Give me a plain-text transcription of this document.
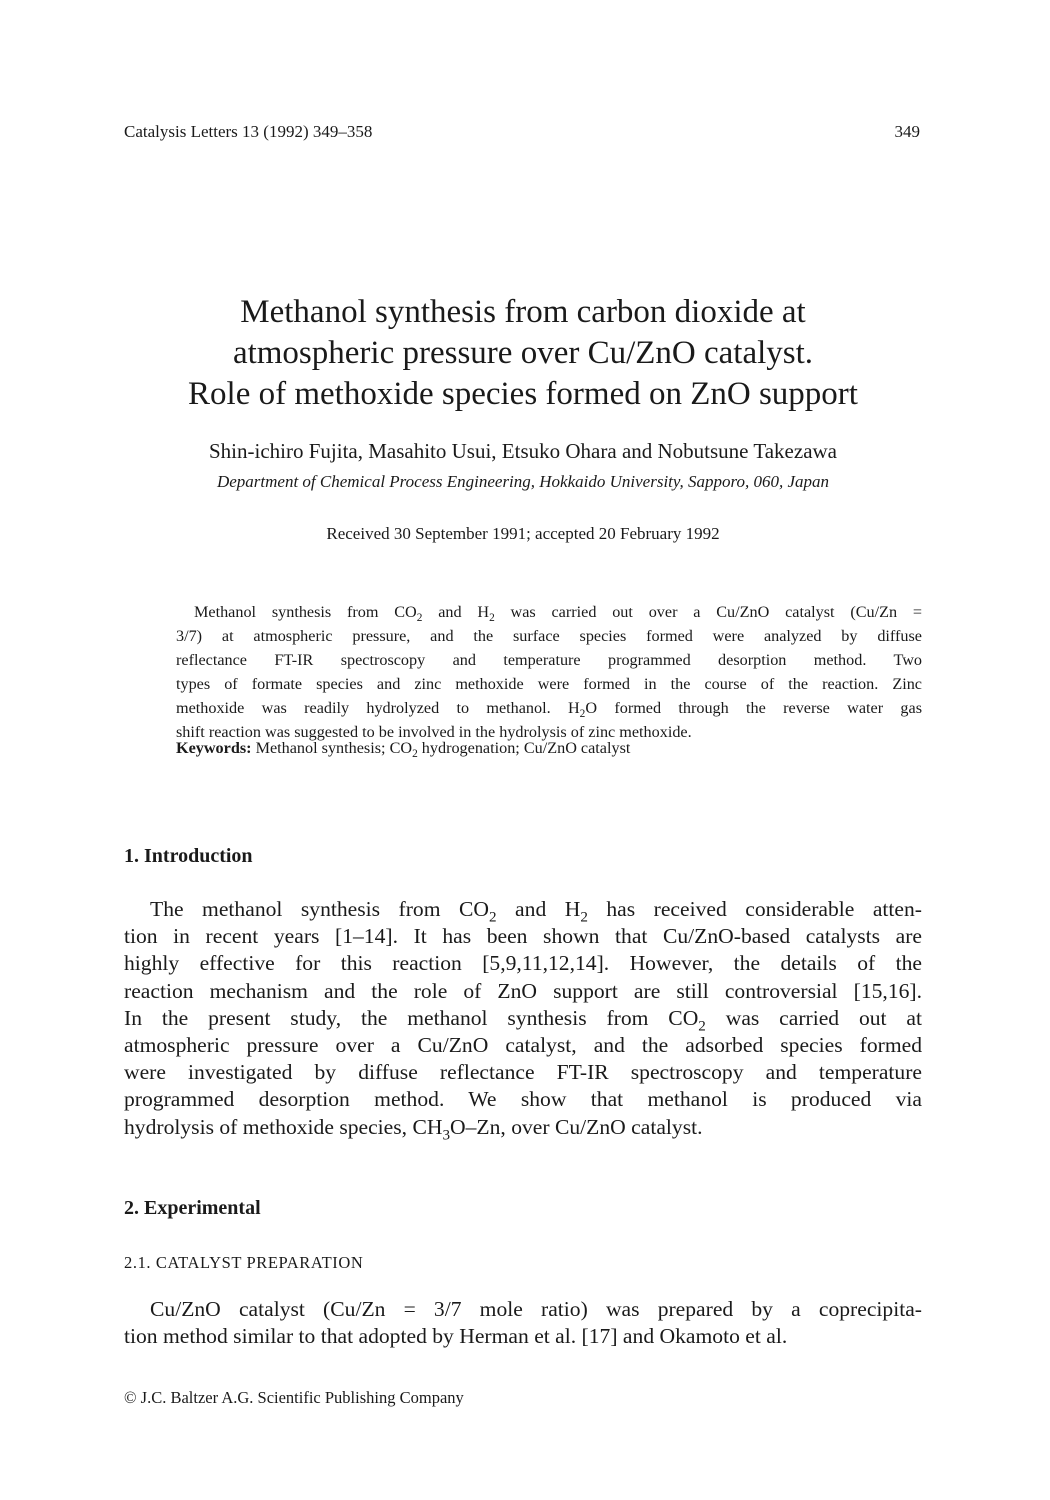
Catalysis Letters 13 (1992) 349–358	349
Methanol synthesis from carbon dioxide at
atmospheric pressure over Cu/ZnO catalyst.
Role of methoxide species formed on ZnO support
Shin-ichiro Fujita, Masahito Usui, Etsuko Ohara and Nobutsune Takezawa
Department of Chemical Process Engineering, Hokkaido University, Sapporo, 060, Japan
Received 30 September 1991; accepted 20 February 1992
Methanol synthesis from $CO_2$ and $H_2$ was carried out over a Cu/ZnO catalyst (Cu/Zn =
3/7) at atmospheric pressure, and the surface species formed were analyzed by diffuse
reflectance FT-IR spectroscopy and temperature programmed desorption method. Two
types of formate species and zinc methoxide were formed in the course of the reaction. Zinc
methoxide was readily hydrolyzed to methanol. $H_2O$ formed through the reverse water gas
shift reaction was suggested to be involved in the hydrolysis of zinc methoxide.
Keywords: Methanol synthesis; $CO_2$ hydrogenation; Cu/ZnO catalyst
1. Introduction
The methanol synthesis from $CO_2$ and $H_2$ has received considerable atten-
tion in recent years [1–14]. It has been shown that Cu/ZnO-based catalysts are
highly effective for this reaction [5,9,11,12,14]. However, the details of the
reaction mechanism and the role of ZnO support are still controversial [15,16].
In the present study, the methanol synthesis from $CO_2$ was carried out at
atmospheric pressure over a Cu/ZnO catalyst, and the adsorbed species formed
were investigated by diffuse reflectance FT-IR spectroscopy and temperature
programmed desorption method. We show that methanol is produced via
hydrolysis of methoxide species, $CH_3O-Zn$, over Cu/ZnO catalyst.
2. Experimental
2.1. CATALYST PREPARATION
Cu/ZnO catalyst (Cu/Zn = 3/7 mole ratio) was prepared by a coprecipita-
tion method similar to that adopted by Herman et al. [17] and Okamoto et al.
© J.C. Baltzer A.G. Scientific Publishing Company
